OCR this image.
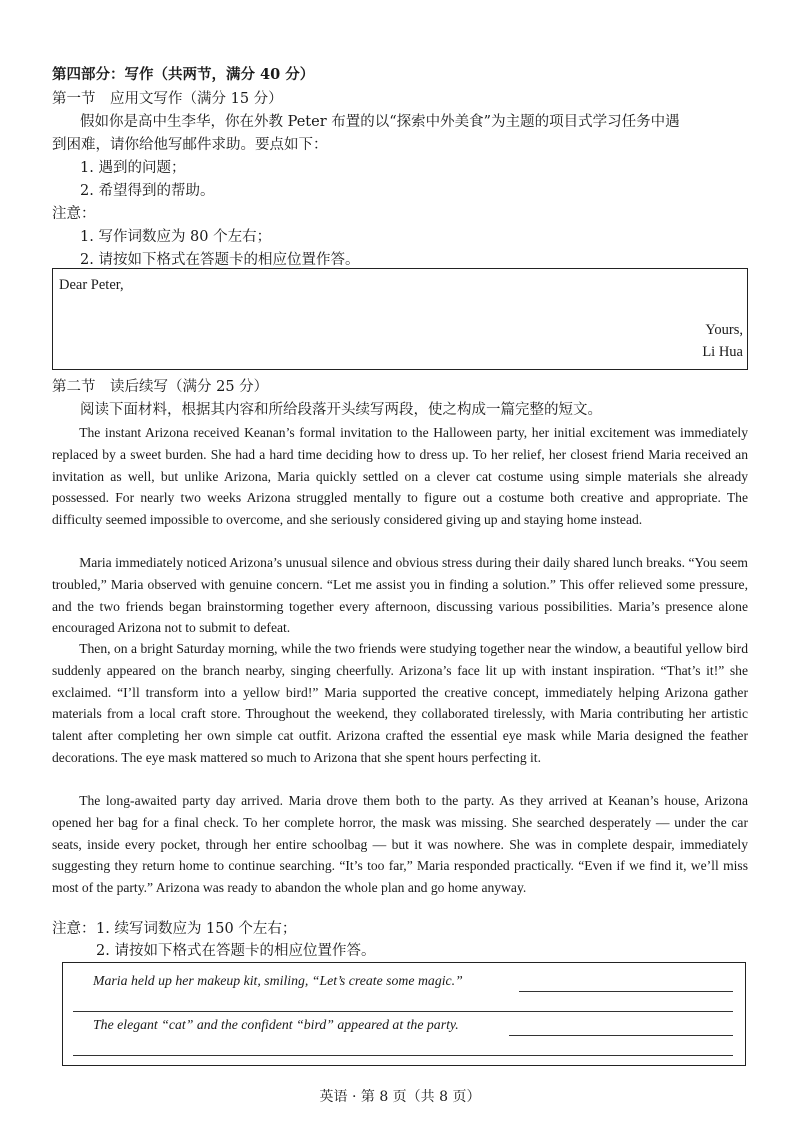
第四部分：写作（共两节，满分 40 分）
第一节　应用文写作（满分 15 分）
假如你是高中生李华，你在外教 Peter 布置的以“探索中外美食”为主题的项目式学习任务中遇
到困难，请你给他写邮件求助。要点如下：
1. 遇到的问题；
2. 希望得到的帮助。
注意：
1. 写作词数应为 80 个左右；
2. 请按如下格式在答题卡的相应位置作答。
Dear Peter,
Yours,
Li Hua
第二节　读后续写（满分 25 分）
阅读下面材料，根据其内容和所给段落开头续写两段，使之构成一篇完整的短文。
The instant Arizona received Keanan’s formal invitation to the Halloween party, her initial excitement was immediately replaced by a sweet burden. She had a hard time deciding how to dress up. To her relief, her closest friend Maria received an invitation as well, but unlike Arizona, Maria quickly settled on a clever cat costume using simple materials she already possessed. For nearly two weeks Arizona struggled mentally to figure out a costume both creative and appropriate. The difficulty seemed impossible to overcome, and she seriously considered giving up and staying home instead.
Maria immediately noticed Arizona’s unusual silence and obvious stress during their daily shared lunch breaks. “You seem troubled,” Maria observed with genuine concern. “Let me assist you in finding a solution.” This offer relieved some pressure, and the two friends began brainstorming together every afternoon, discussing various possibilities. Maria’s presence alone encouraged Arizona not to submit to defeat.
Then, on a bright Saturday morning, while the two friends were studying together near the window, a beautiful yellow bird suddenly appeared on the branch nearby, singing cheerfully. Arizona’s face lit up with instant inspiration. “That’s it!” she exclaimed. “I’ll transform into a yellow bird!” Maria supported the creative concept, immediately helping Arizona gather materials from a local craft store. Throughout the weekend, they collaborated tirelessly, with Maria contributing her artistic talent after completing her own simple cat outfit. Arizona crafted the essential eye mask while Maria designed the feather decorations. The eye mask mattered so much to Arizona that she spent hours perfecting it.
The long-awaited party day arrived. Maria drove them both to the party. As they arrived at Keanan’s house, Arizona opened her bag for a final check. To her complete horror, the mask was missing. She searched desperately — under the car seats, inside every pocket, through her entire schoolbag — but it was nowhere. She was in complete despair, immediately suggesting they return home to continue searching. “It’s too far,” Maria responded practically. “Even if we find it, we’ll miss most of the party.” Arizona was ready to abandon the whole plan and go home anyway.
注意： 1. 续写词数应为 150 个左右；
2. 请按如下格式在答题卡的相应位置作答。
Maria held up her makeup kit, smiling, “Let’s create some magic.”
The elegant “cat” and the confident “bird” appeared at the party.
英语 · 第 8 页（共 8 页）
